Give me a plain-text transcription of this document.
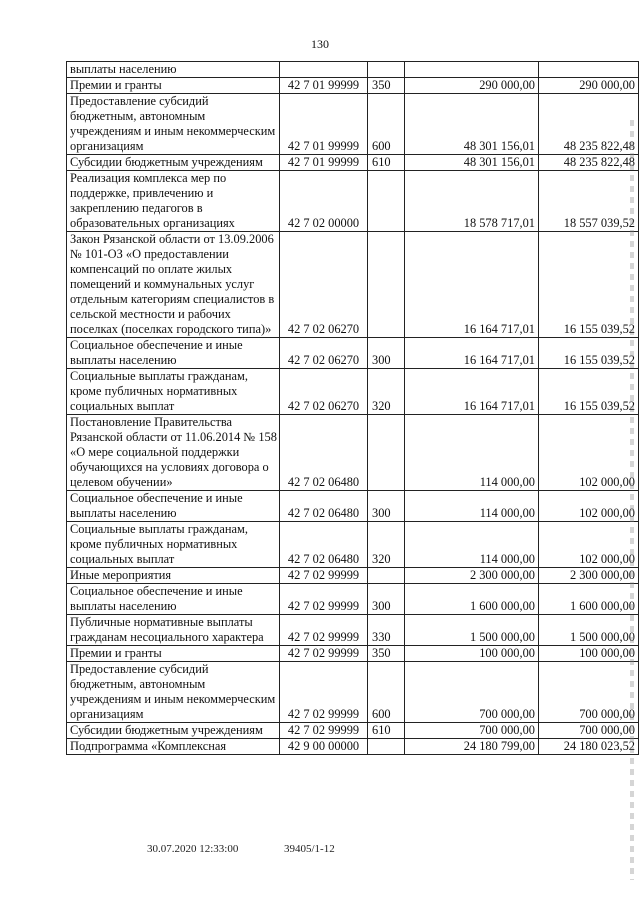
130
выплаты населению				
Премии и гранты	42 7 01 99999	350	290 000,00	290 000,00
Предоставление субсидий бюджетным, автономным учреждениям и иным некоммерческим организациям	42 7 01 99999	600	48 301 156,01	48 235 822,48
Субсидии бюджетным учреждениям	42 7 01 99999	610	48 301 156,01	48 235 822,48
Реализация комплекса мер по поддержке, привлечению и закреплению педагогов в образовательных организациях	42 7 02 00000		18 578 717,01	18 557 039,52
Закон Рязанской области от 13.09.2006 № 101-ОЗ «О предоставлении компенсаций по оплате жилых помещений и коммунальных услуг отдельным категориям специалистов в сельской местности и рабочих поселках (поселках городского типа)»	42 7 02 06270		16 164 717,01	16 155 039,52
Социальное обеспечение и иные выплаты населению	42 7 02 06270	300	16 164 717,01	16 155 039,52
Социальные выплаты гражданам, кроме публичных нормативных социальных выплат	42 7 02 06270	320	16 164 717,01	16 155 039,52
Постановление Правительства Рязанской области от 11.06.2014 № 158 «О мере социальной поддержки обучающихся на условиях договора о целевом обучении»	42 7 02 06480		114 000,00	102 000,00
Социальное обеспечение и иные выплаты населению	42 7 02 06480	300	114 000,00	102 000,00
Социальные выплаты гражданам, кроме публичных нормативных социальных выплат	42 7 02 06480	320	114 000,00	102 000,00
Иные мероприятия	42 7 02 99999		2 300 000,00	2 300 000,00
Социальное обеспечение и иные выплаты населению	42 7 02 99999	300	1 600 000,00	1 600 000,00
Публичные нормативные выплаты гражданам несоциального характера	42 7 02 99999	330	1 500 000,00	1 500 000,00
Премии и гранты	42 7 02 99999	350	100 000,00	100 000,00
Предоставление субсидий бюджетным, автономным учреждениям и иным некоммерческим организациям	42 7 02 99999	600	700 000,00	700 000,00
Субсидии бюджетным учреждениям	42 7 02 99999	610	700 000,00	700 000,00
Подпрограмма «Комплексная	42 9 00 00000		24 180 799,00	24 180 023,52
30.07.2020 12:33:00	39405/1-12
